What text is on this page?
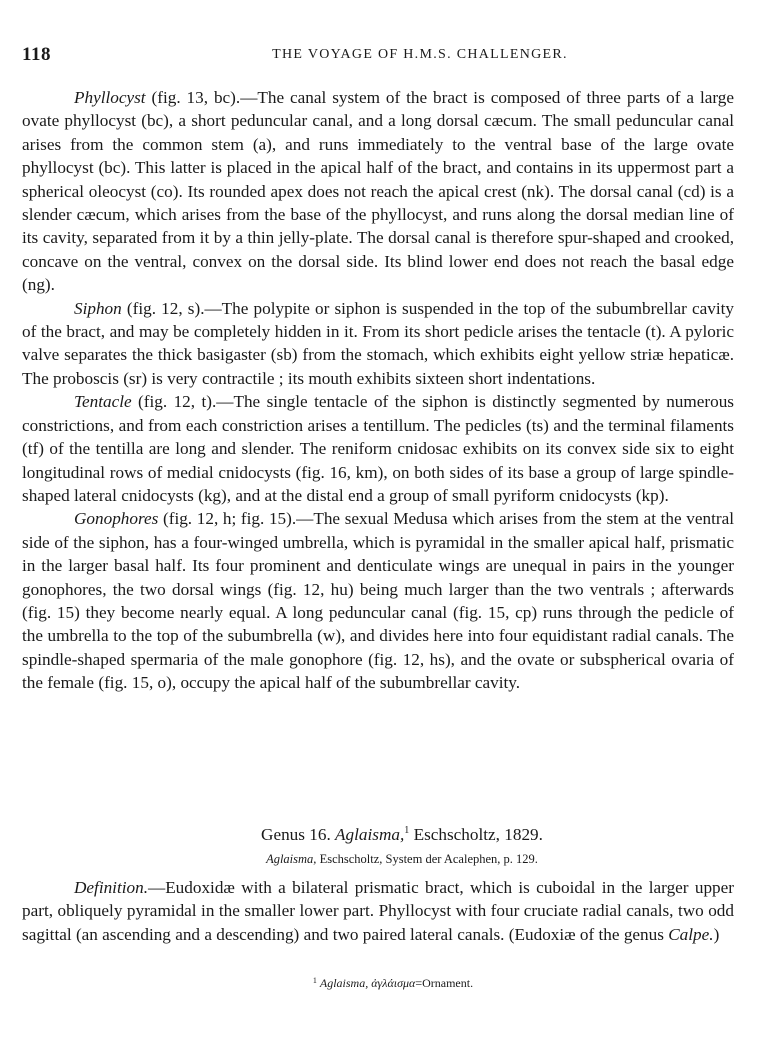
118	THE VOYAGE OF H.M.S. CHALLENGER.

Phyllocyst (fig. 13, bc).—The canal system of the bract is composed of three parts of a large ovate phyllocyst (bc), a short peduncular canal, and a long dorsal cæcum. The small peduncular canal arises from the common stem (a), and runs immediately to the ventral base of the large ovate phyllocyst (bc). This latter is placed in the apical half of the bract, and contains in its uppermost part a spherical oleocyst (co). Its rounded apex does not reach the apical crest (nk). The dorsal canal (cd) is a slender cæcum, which arises from the base of the phyllocyst, and runs along the dorsal median line of its cavity, separated from it by a thin jelly-plate. The dorsal canal is therefore spur-shaped and crooked, concave on the ventral, convex on the dorsal side. Its blind lower end does not reach the basal edge (ng).

Siphon (fig. 12, s).—The polypite or siphon is suspended in the top of the subumbrellar cavity of the bract, and may be completely hidden in it. From its short pedicle arises the tentacle (t). A pyloric valve separates the thick basigaster (sb) from the stomach, which exhibits eight yellow striæ hepaticæ. The proboscis (sr) is very contractile ; its mouth exhibits sixteen short indentations.

Tentacle (fig. 12, t).—The single tentacle of the siphon is distinctly segmented by numerous constrictions, and from each constriction arises a tentillum. The pedicles (ts) and the terminal filaments (tf) of the tentilla are long and slender. The reniform cnidosac exhibits on its convex side six to eight longitudinal rows of medial cnidocysts (fig. 16, km), on both sides of its base a group of large spindle-shaped lateral cnidocysts (kg), and at the distal end a group of small pyriform cnidocysts (kp).

Gonophores (fig. 12, h; fig. 15).—The sexual Medusa which arises from the stem at the ventral side of the siphon, has a four-winged umbrella, which is pyramidal in the smaller apical half, prismatic in the larger basal half. Its four prominent and denticulate wings are unequal in pairs in the younger gonophores, the two dorsal wings (fig. 12, hu) being much larger than the two ventrals ; afterwards (fig. 15) they become nearly equal. A long peduncular canal (fig. 15, cp) runs through the pedicle of the umbrella to the top of the subumbrella (w), and divides here into four equidistant radial canals. The spindle-shaped spermaria of the male gonophore (fig. 12, hs), and the ovate or subspherical ovaria of the female (fig. 15, o), occupy the apical half of the subumbrellar cavity.

Genus 16. Aglaisma,$^1$ Eschscholtz, 1829.
Aglaisma, Eschscholtz, System der Acalephen, p. 129.

Definition.—Eudoxidæ with a bilateral prismatic bract, which is cuboidal in the larger upper part, obliquely pyramidal in the smaller lower part. Phyllocyst with four cruciate radial canals, two odd sagittal (an ascending and a descending) and two paired lateral canals. (Eudoxiæ of the genus Calpe.)

$^1$ Aglaisma, ἀγλάισμα=Ornament.
